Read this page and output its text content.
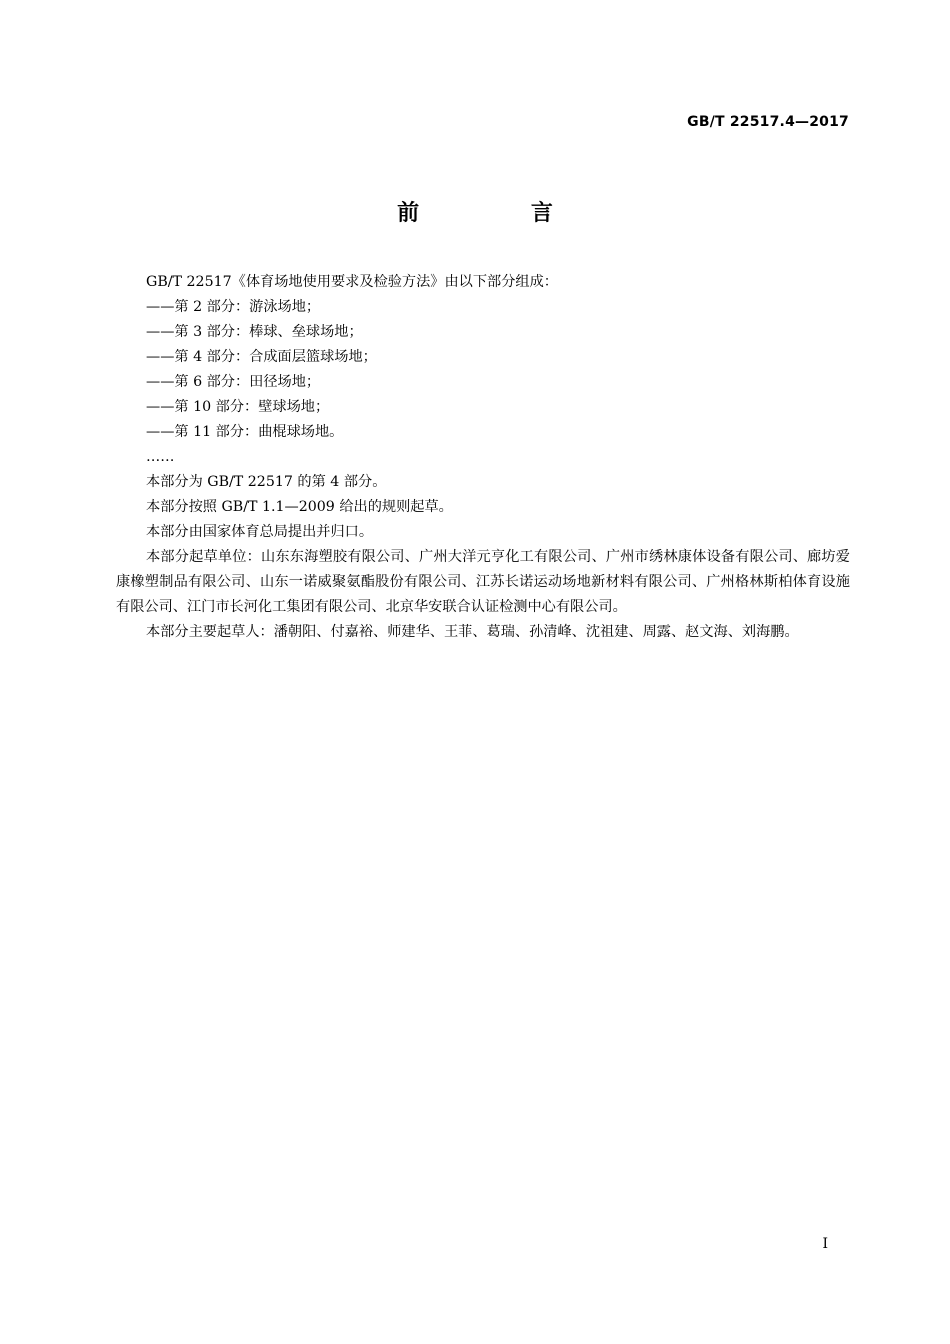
GB/T 22517.4—2017
前 言

GB/T 22517《体育场地使用要求及检验方法》由以下部分组成：

——第 2 部分：游泳场地；

——第 3 部分：棒球、垒球场地；

——第 4 部分：合成面层篮球场地；

——第 6 部分：田径场地；

——第 10 部分：壁球场地；

——第 11 部分：曲棍球场地。

……

本部分为 GB/T 22517 的第 4 部分。

本部分按照 GB/T 1.1—2009 给出的规则起草。

本部分由国家体育总局提出并归口。

本部分起草单位：山东东海塑胶有限公司、广州大洋元亨化工有限公司、广州市绣林康体设备有限公司、廊坊爱康橡塑制品有限公司、山东一诺威聚氨酯股份有限公司、江苏长诺运动场地新材料有限公司、广州格林斯柏体育设施有限公司、江门市长河化工集团有限公司、北京华安联合认证检测中心有限公司。

本部分主要起草人：潘朝阳、付嘉裕、师建华、王菲、葛瑞、孙清峰、沈祖建、周露、赵文海、刘海鹏。

I
